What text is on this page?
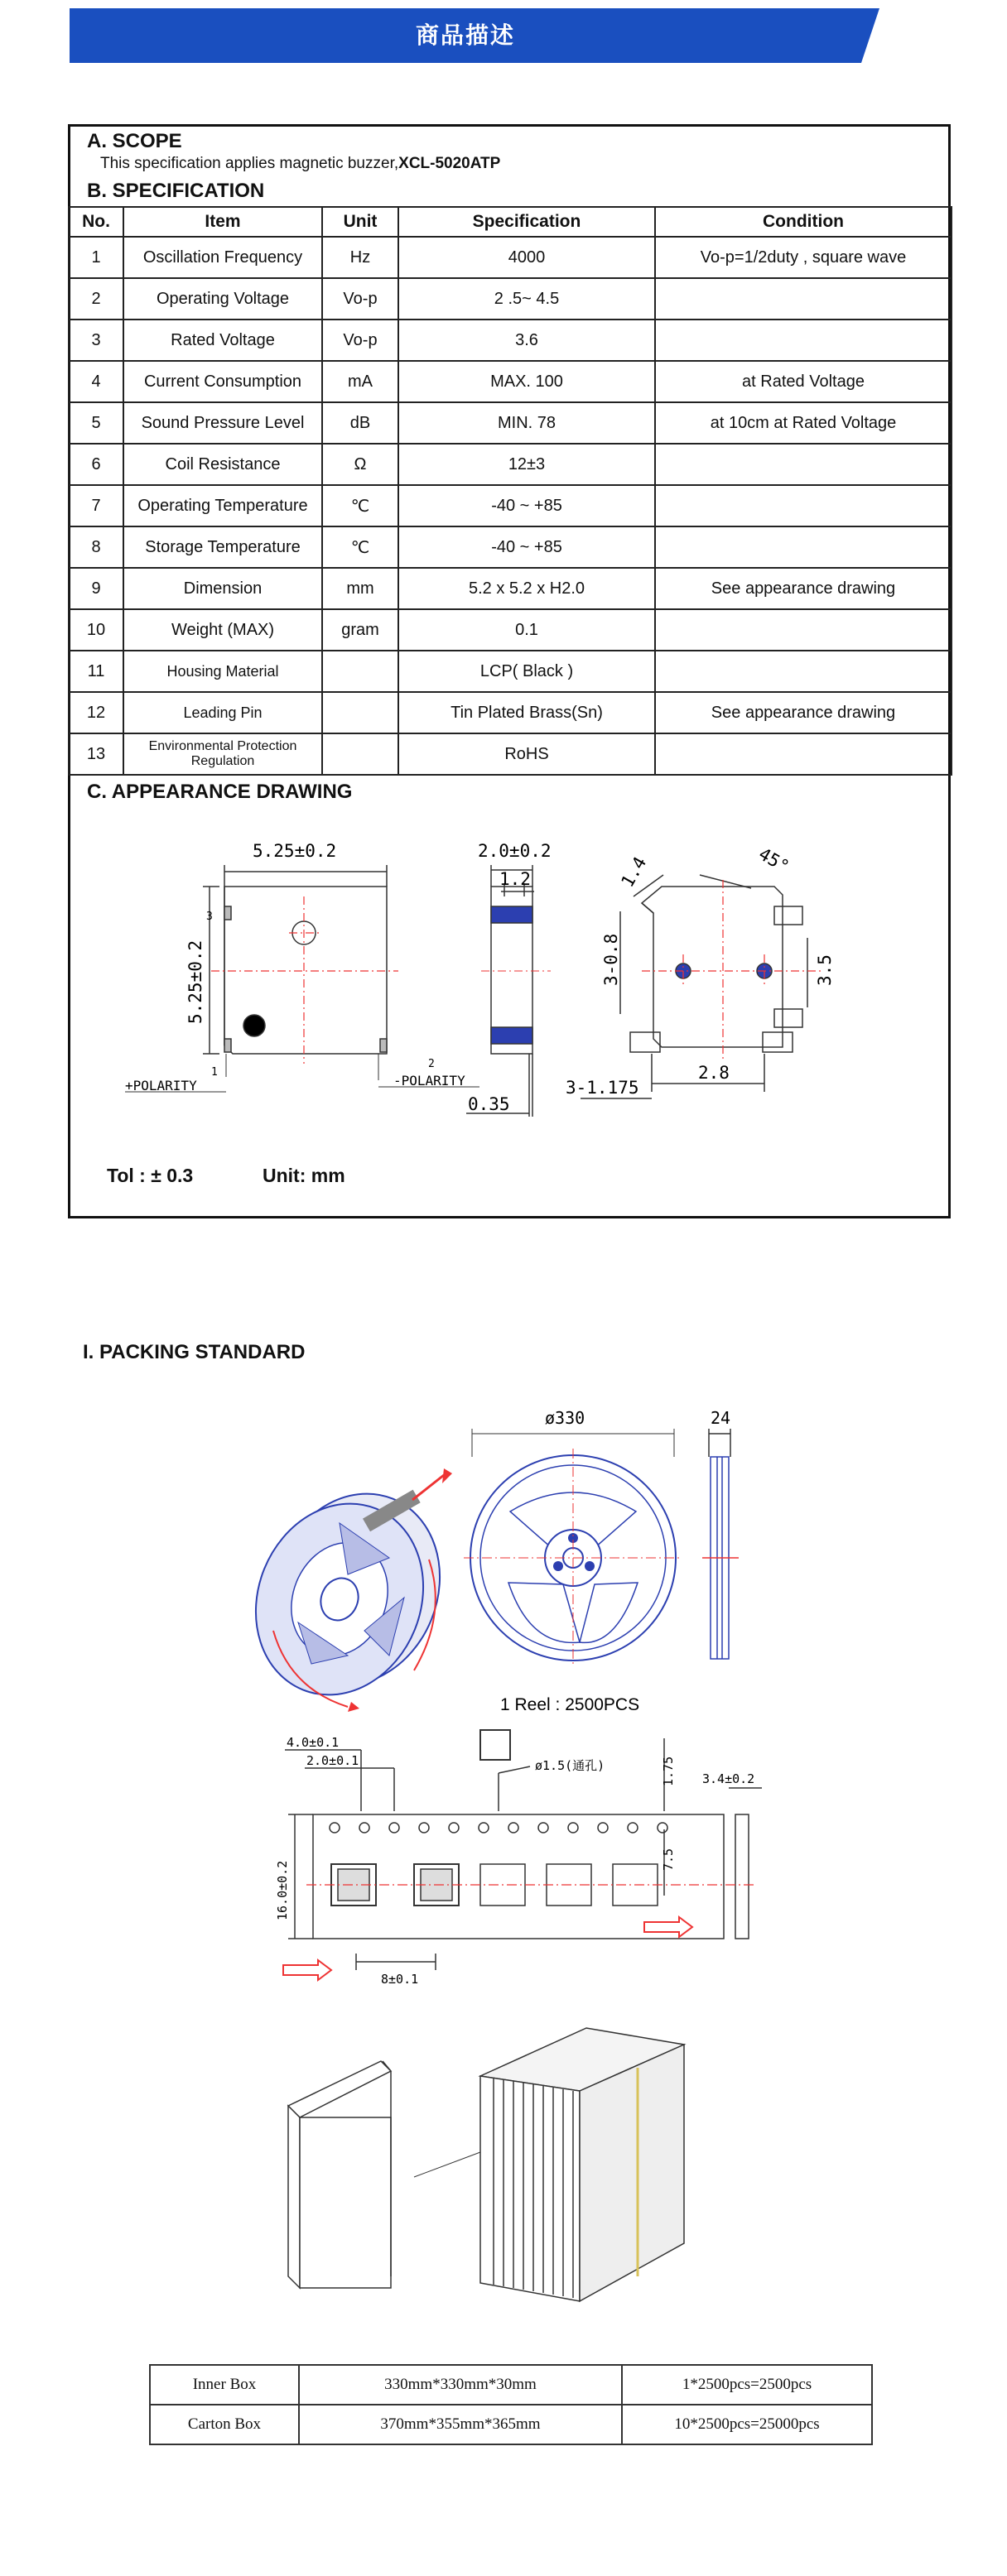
商品描述
A. SCOPE
This specification applies magnetic buzzer,XCL-5020ATP
B. SPECIFICATION
No.	Item	Unit	Specification	Condition
1	Oscillation Frequency	Hz	4000	Vo-p=1/2duty , square wave
2	Operating Voltage	Vo-p	2 .5~ 4.5	
3	Rated Voltage	Vo-p	3.6	
4	Current Consumption	mA	MAX. 100	at Rated Voltage
5	Sound Pressure Level	dB	MIN. 78	at 10cm at Rated Voltage
6	Coil Resistance	Ω	12±3	
7	Operating Temperature	℃	-40 ~ +85	
8	Storage Temperature	℃	-40 ~ +85	
9	Dimension	mm	5.2 x 5.2 x H2.0	See appearance drawing
10	Weight (MAX)	gram	0.1	
11	Housing Material		LCP( Black )	
12	Leading Pin		Tin Plated Brass(Sn)	See appearance drawing
13	Environmental Protection Regulation		RoHS	
C. APPEARANCE DRAWING
5.25±0.2
5.25±0.2
3
1
+POLARITY
2
-POLARITY
2.0±0.2
1.2
0.35
1.4	45°
3-0.8	3.5
3-1.175
2.8
Tol : ± 0.3	Unit: mm
I. PACKING STANDARD
ø330	24
1 Reel : 2500PCS
4.0±0.1
2.0±0.1	ø1.5(通孔)	1.75
7.5
16.0±0.2
3.4±0.2
8±0.1
Inner Box	330mm*330mm*30mm	1*2500pcs=2500pcs
Carton Box	370mm*355mm*365mm	10*2500pcs=25000pcs
